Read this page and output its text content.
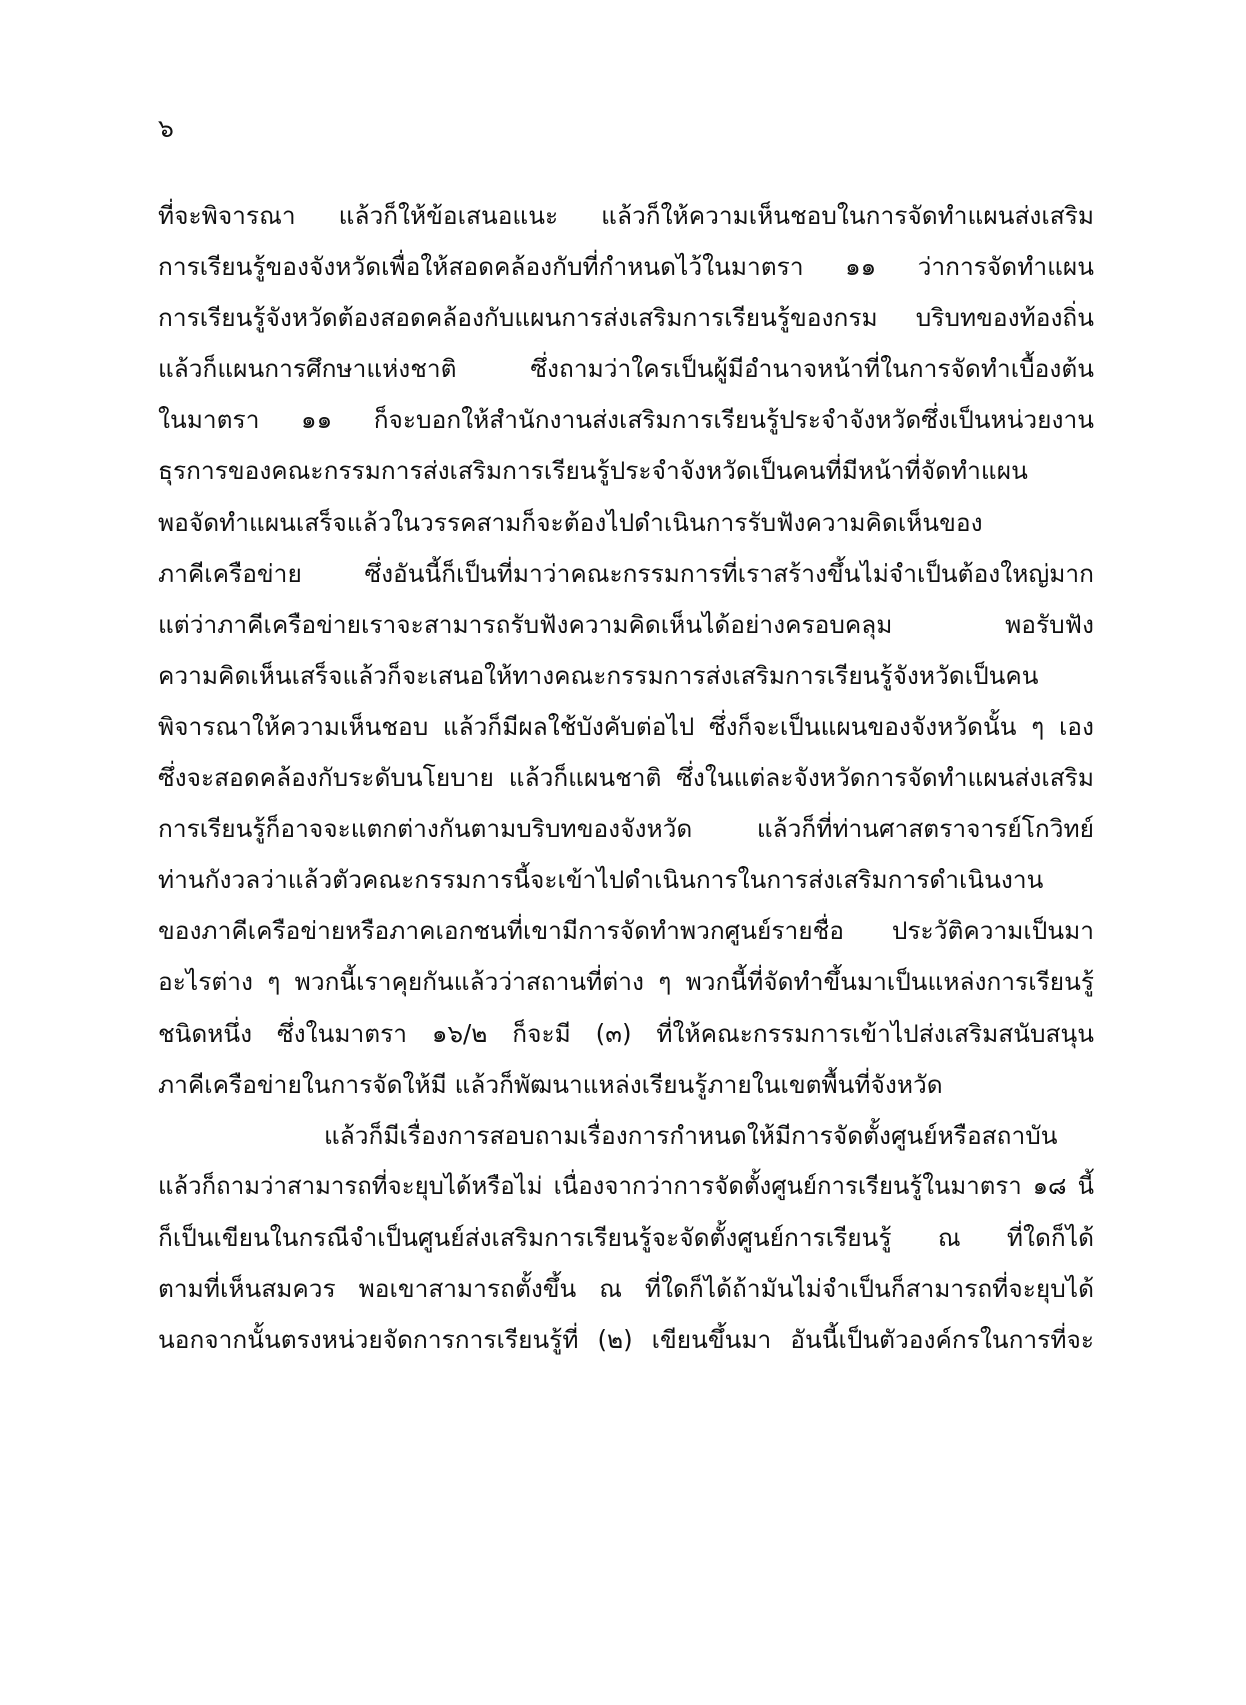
๖
ที่จะพิจารณา แล้วก็ให้ข้อเสนอแนะ แล้วก็ให้ความเห็นชอบในการจัดทำแผนส่งเสริม
การเรียนรู้ของจังหวัดเพื่อให้สอดคล้องกับที่กำหนดไว้ในมาตรา ๑๑ ว่าการจัดทำแผน
การเรียนรู้จังหวัดต้องสอดคล้องกับแผนการส่งเสริมการเรียนรู้ของกรม บริบทของท้องถิ่น
แล้วก็แผนการศึกษาแห่งชาติ ซึ่งถามว่าใครเป็นผู้มีอำนาจหน้าที่ในการจัดทำเบื้องต้น
ในมาตรา ๑๑ ก็จะบอกให้สำนักงานส่งเสริมการเรียนรู้ประจำจังหวัดซึ่งเป็นหน่วยงาน
ธุรการของคณะกรรมการส่งเสริมการเรียนรู้ประจำจังหวัดเป็นคนที่มีหน้าที่จัดทำแผน
พอจัดทำแผนเสร็จแล้วในวรรคสามก็จะต้องไปดำเนินการรับฟังความคิดเห็นของ
ภาคีเครือข่าย ซึ่งอันนี้ก็เป็นที่มาว่าคณะกรรมการที่เราสร้างขึ้นไม่จำเป็นต้องใหญ่มาก
แต่ว่าภาคีเครือข่ายเราจะสามารถรับฟังความคิดเห็นได้อย่างครอบคลุม พอรับฟัง
ความคิดเห็นเสร็จแล้วก็จะเสนอให้ทางคณะกรรมการส่งเสริมการเรียนรู้จังหวัดเป็นคน
พิจารณาให้ความเห็นชอบ แล้วก็มีผลใช้บังคับต่อไป ซึ่งก็จะเป็นแผนของจังหวัดนั้น ๆ เอง
ซึ่งจะสอดคล้องกับระดับนโยบาย แล้วก็แผนชาติ ซึ่งในแต่ละจังหวัดการจัดทำแผนส่งเสริม
การเรียนรู้ก็อาจจะแตกต่างกันตามบริบทของจังหวัด แล้วก็ที่ท่านศาสตราจารย์โกวิทย์
ท่านกังวลว่าแล้วตัวคณะกรรมการนี้จะเข้าไปดำเนินการในการส่งเสริมการดำเนินงาน
ของภาคีเครือข่ายหรือภาคเอกชนที่เขามีการจัดทำพวกศูนย์รายชื่อ ประวัติความเป็นมา
อะไรต่าง ๆ พวกนี้เราคุยกันแล้วว่าสถานที่ต่าง ๆ พวกนี้ที่จัดทำขึ้นมาเป็นแหล่งการเรียนรู้
ชนิดหนึ่ง ซึ่งในมาตรา ๑๖/๒ ก็จะมี (๓) ที่ให้คณะกรรมการเข้าไปส่งเสริมสนับสนุน
ภาคีเครือข่ายในการจัดให้มี แล้วก็พัฒนาแหล่งเรียนรู้ภายในเขตพื้นที่จังหวัด
แล้วก็มีเรื่องการสอบถามเรื่องการกำหนดให้มีการจัดตั้งศูนย์หรือสถาบัน
แล้วก็ถามว่าสามารถที่จะยุบได้หรือไม่ เนื่องจากว่าการจัดตั้งศูนย์การเรียนรู้ในมาตรา ๑๘ นี้
ก็เป็นเขียนในกรณีจำเป็นศูนย์ส่งเสริมการเรียนรู้จะจัดตั้งศูนย์การเรียนรู้ ณ ที่ใดก็ได้
ตามที่เห็นสมควร พอเขาสามารถตั้งขึ้น ณ ที่ใดก็ได้ถ้ามันไม่จำเป็นก็สามารถที่จะยุบได้
นอกจากนั้นตรงหน่วยจัดการการเรียนรู้ที่ (๒) เขียนขึ้นมา อันนี้เป็นตัวองค์กรในการที่จะ
